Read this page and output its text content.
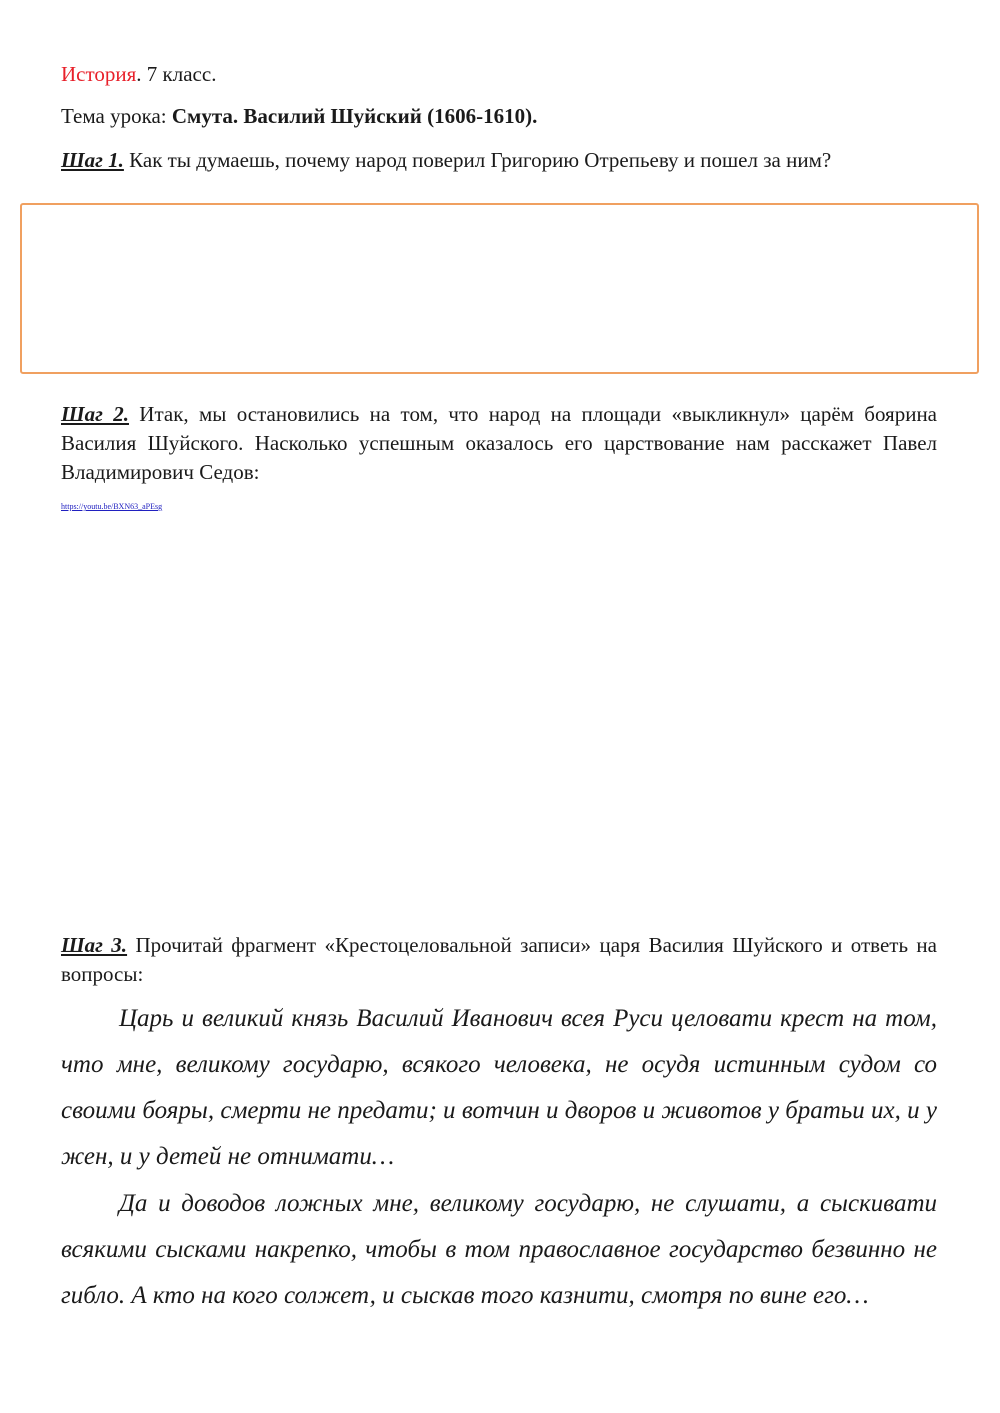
История. 7 класс.
Тема урока: Смута. Василий Шуйский (1606-1610).
Шаг 1. Как ты думаешь, почему народ поверил Григорию Отрепьеву и пошел за ним?

Шаг 2. Итак, мы остановились на том, что народ на площади «выкликнул» царём боярина Василия Шуйского. Насколько успешным оказалось его царствование нам расскажет Павел Владимирович Седов:

https://youtu.be/BXN63_aPEsg

Шаг 3. Прочитай фрагмент «Крестоцеловальной записи» царя Василия Шуйского и ответь на вопросы:

Царь и великий князь Василий Иванович всея Руси целовати крест на том, что мне, великому государю, всякого человека, не осудя истинным судом со своими бояры, смерти не предати; и вотчин и дворов и животов у братьи их, и у жен, и у детей не отнимати…

Да и доводов ложных мне, великому государю, не слушати, а сыскивати всякими сысками накрепко, чтобы в том православное государство безвинно не гибло. А кто на кого солжет, и сыскав того казнити, смотря по вине его…
